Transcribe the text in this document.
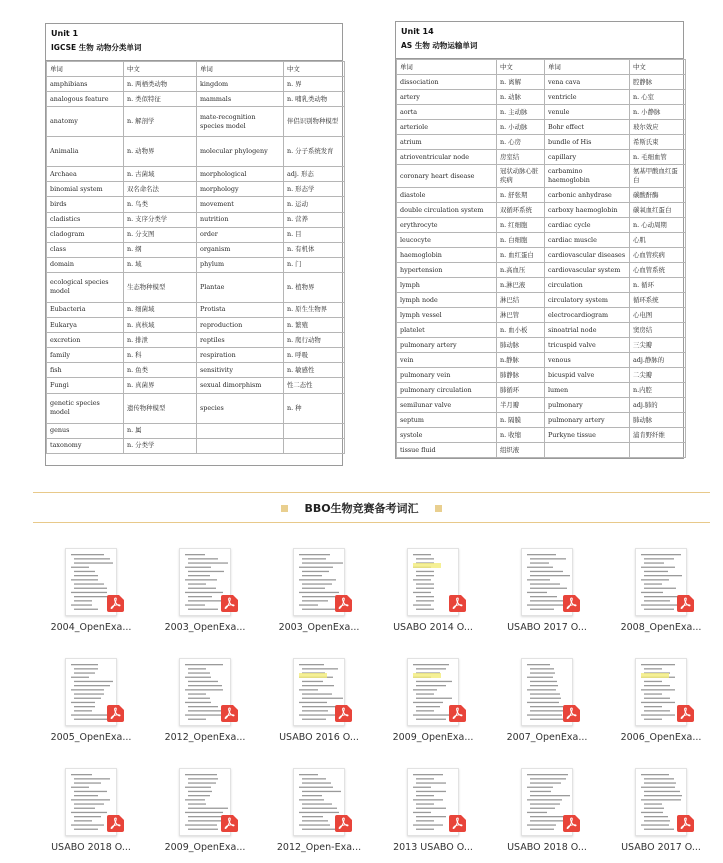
Unit 1
IGCSE 生物 动物分类单词
单词	中文	单词	中文
amphibians	n. 两栖类动物	kingdom	n. 界
analogous feature	n. 类似特征	mammals	n. 哺乳类动物
anatomy	n. 解剖学	mate-recognition species model	伴侣识别物种模型
Animalia	n. 动物界	molecular phylogeny	n. 分子系统发育
Archaea	n. 古菌域	morphological	adj. 形态
binomial system	双名命名法	morphology	n. 形态学
birds	n. 鸟类	movement	n. 运动
cladistics	n. 支序分类学	nutrition	n. 营养
cladogram	n. 分支图	order	n. 目
class	n. 纲	organism	n. 有机体
domain	n. 域	phylum	n. 门
ecological species model	生态物种模型	Plantae	n. 植物界
Eubacteria	n. 细菌域	Protista	n. 原生生物界
Eukarya	n. 真核域	reproduction	n. 繁殖
excretion	n. 排泄	reptiles	n. 爬行动物
family	n. 科	respiration	n. 呼吸
fish	n. 鱼类	sensitivity	n. 敏感性
Fungi	n. 真菌界	sexual dimorphism	性二态性
genetic species model	遗传物种模型	species	n. 种
genus	n. 属		
taxonomy	n. 分类学		
Unit 14
AS 生物 动物运输单词
单词	中文	单词	中文
dissociation	n. 离解	vena cava	腔静脉
artery	n. 动脉	ventricle	n. 心室
aorta	n. 主动脉	venule	n. 小静脉
arteriole	n. 小动脉	Bohr effect	玻尔效应
atrium	n. 心房	bundle of His	希斯氏束
atrioventricular node	房室结	capillary	n. 毛细血管
coronary heart disease	冠状动脉心脏疾病	carbamino haemoglobin	氨基甲酸血红蛋白
diastole	n. 舒张期	carbonic anhydrase	碳酸酐酶
double circulation system	双循环系统	carboxy haemoglobin	碳氧血红蛋白
erythrocyte	n. 红细胞	cardiac cycle	n. 心动周期
leucocyte	n. 白细胞	cardiac muscle	心肌
haemoglobin	n. 血红蛋白	cardiovascular diseases	心血管疾病
hypertension	n.高血压	cardiovascular system	心血管系统
lymph	n.淋巴液	circulation	n. 循环
lymph node	淋巴结	circulatory system	循环系统
lymph vessel	淋巴管	electrocardiogram	心电图
platelet	n. 血小板	sinoatrial node	窦房结
pulmonary artery	肺动脉	tricuspid valve	三尖瓣
vein	n.静脉	venous	adj.静脉的
pulmonary vein	肺静脉	bicuspid valve	二尖瓣
pulmonary circulation	肺循环	lumen	n.内腔
semilunar valve	半月瓣	pulmonary	adj.肺的
septum	n. 隔膜	pulmonary artery	肺动脉
systole	n. 收缩	Purkyne tissue	浦肯野纤维
tissue fluid	组织液		
BBO生物竞赛备考词汇
2004_OpenExa...	2003_OpenExa...	2003_OpenExa...	USABO 2014 O...	USABO 2017 O...	2008_OpenExa...
2005_OpenExa...	2012_OpenExa...	USABO 2016 O...	2009_OpenExa...	2007_OpenExa...	2006_OpenExa...
USABO 2018 O...	2009_OpenExa...	2012_Open-Exa...	2013 USABO O...	USABO 2018 O...	USABO 2017 O...
